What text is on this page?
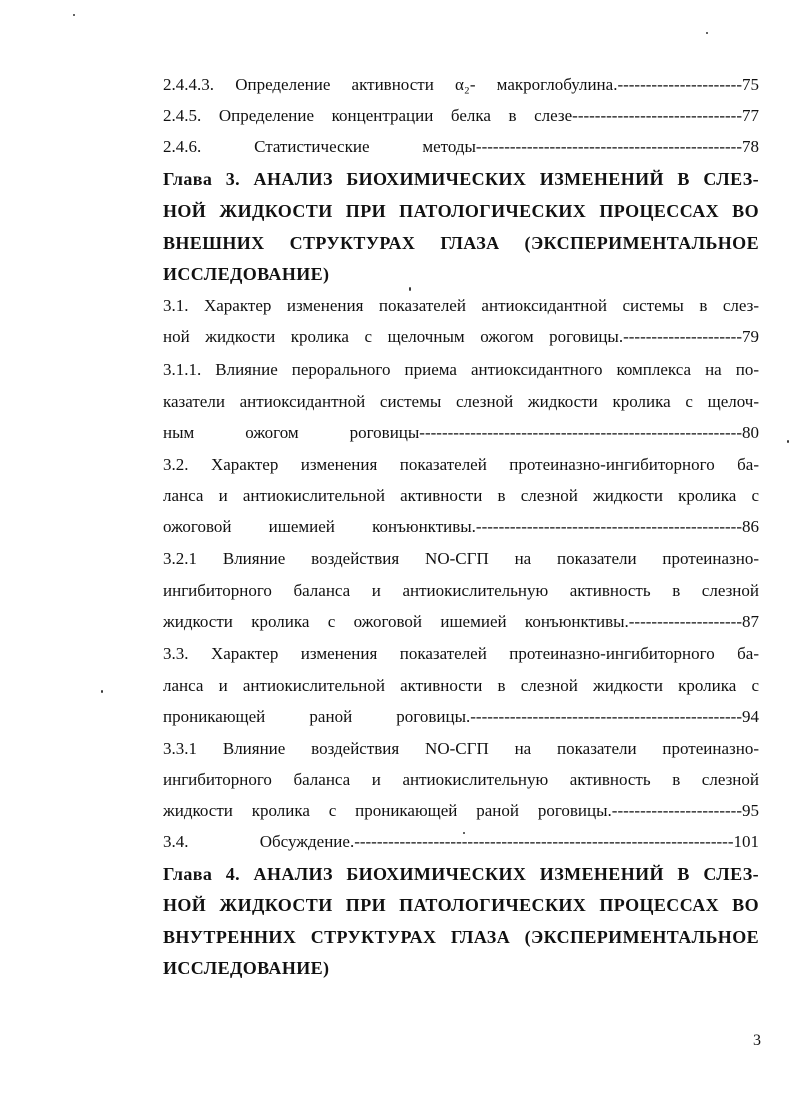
2.4.4.3. Определение активности α₂- макроглобулина.----------------------75
2.4.5. Определение концентрации белка в слезе------------------------------77
2.4.6. Статистические методы-----------------------------------------------78
Глава 3. АНАЛИЗ БИОХИМИЧЕСКИХ ИЗМЕНЕНИЙ В СЛЕЗ-
НОЙ ЖИДКОСТИ ПРИ ПАТОЛОГИЧЕСКИХ ПРОЦЕССАХ ВО
ВНЕШНИХ СТРУКТУРАХ ГЛАЗА (ЭКСПЕРИМЕНТАЛЬНОЕ
ИССЛЕДОВАНИЕ)
3.1. Характер изменения показателей антиоксидантной системы в слез-
ной жидкости кролика с щелочным ожогом роговицы.---------------------79
3.1.1. Влияние перорального приема антиоксидантного комплекса на по-
казатели антиоксидантной системы слезной жидкости кролика с щелоч-
ным ожогом роговицы---------------------------------------------------------80
3.2. Характер изменения показателей протеиназно-ингибиторного ба-
ланса и антиокислительной активности в слезной жидкости кролика с
ожоговой ишемией конъюнктивы.-----------------------------------------------86
3.2.1 Влияние воздействия NO-СГП на показатели протеиназно-
ингибиторного баланса и антиокислительную активность в слезной
жидкости кролика с ожоговой ишемией конъюнктивы.--------------------87
3.3. Характер изменения показателей протеиназно-ингибиторного ба-
ланса и антиокислительной активности в слезной жидкости кролика с
проникающей раной роговицы.------------------------------------------------94
3.3.1 Влияние воздействия NO-СГП на показатели протеиназно-
ингибиторного баланса и антиокислительную активность в слезной
жидкости кролика с проникающей раной роговицы.-----------------------95
3.4. Обсуждение.-------------------------------------------------------------------101
Глава 4. АНАЛИЗ БИОХИМИЧЕСКИХ ИЗМЕНЕНИЙ В СЛЕЗ-
НОЙ ЖИДКОСТИ ПРИ ПАТОЛОГИЧЕСКИХ ПРОЦЕССАХ ВО
ВНУТРЕННИХ СТРУКТУРАХ ГЛАЗА (ЭКСПЕРИМЕНТАЛЬНОЕ
ИССЛЕДОВАНИЕ)
3
